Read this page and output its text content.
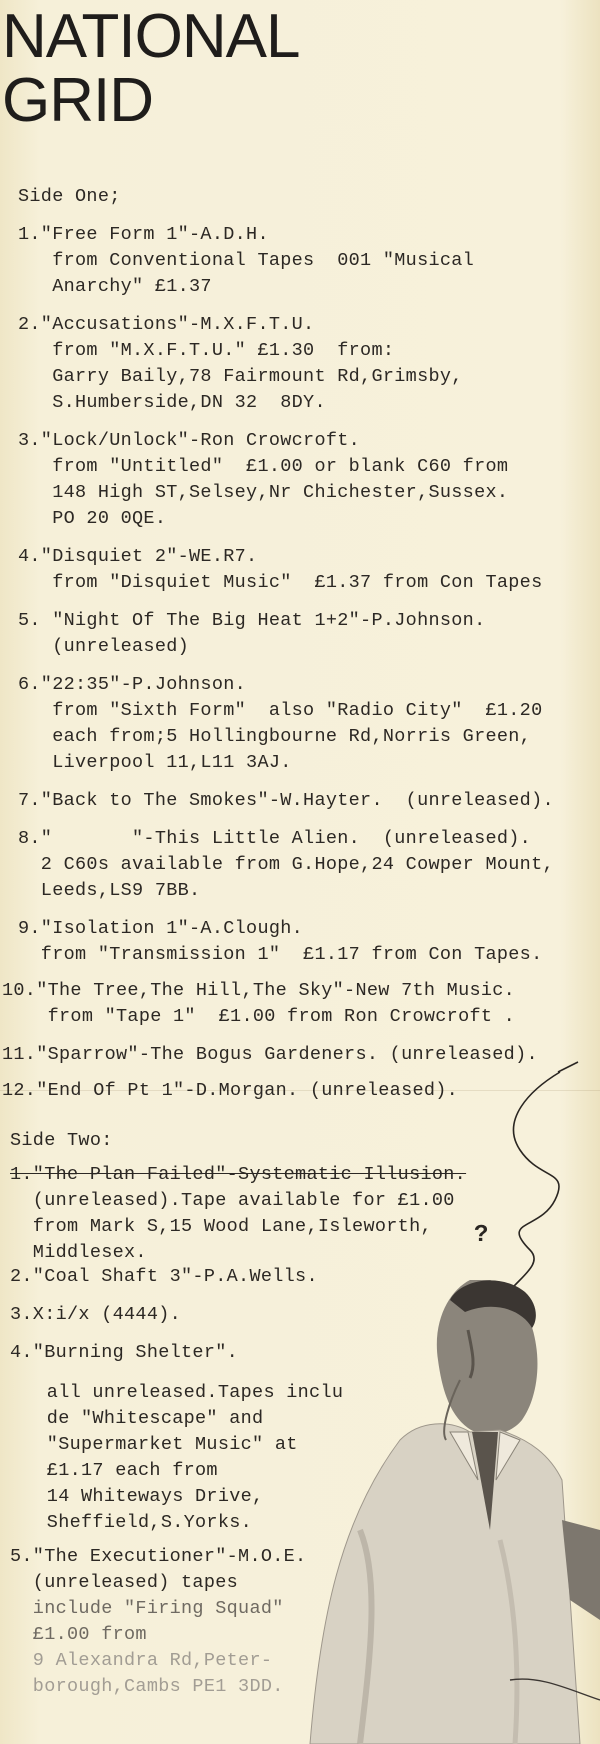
NATIONAL
GRID
Side One;
1."Free Form 1"-A.D.H.
from Conventional Tapes  001 "Musical
Anarchy" £1.37
2."Accusations"-M.X.F.T.U.
from "M.X.F.T.U." £1.30  from:
Garry Baily,78 Fairmount Rd,Grimsby,
S.Humberside,DN 32  8DY.
3."Lock/Unlock"-Ron Crowcroft.
from "Untitled"  £1.00 or blank C60 from
148 High ST,Selsey,Nr Chichester,Sussex.
PO 20 0QE.
4."Disquiet 2"-WE.R7.
from "Disquiet Music"  £1.37 from Con Tapes
5. "Night Of The Big Heat 1+2"-P.Johnson.
(unreleased)
6."22:35"-P.Johnson.
from "Sixth Form"  also "Radio City"  £1.20
each from;5 Hollingbourne Rd,Norris Green,
Liverpool 11,L11 3AJ.
7."Back to The Smokes"-W.Hayter.  (unreleased).
8."       "-This Little Alien.  (unreleased).
2 C60s available from G.Hope,24 Cowper Mount,
Leeds,LS9 7BB.
9."Isolation 1"-A.Clough.
from "Transmission 1"  £1.17 from Con Tapes.
10."The Tree,The Hill,The Sky"-New 7th Music.
from "Tape 1"  £1.00 from Ron Crowcroft .
11."Sparrow"-The Bogus Gardeners. (unreleased).
12."End Of Pt 1"-D.Morgan. (unreleased).
Side Two:
1."The Plan Failed"-Systematic Illusion.
(unreleased).Tape available for £1.00
from Mark S,15 Wood Lane,Isleworth,
Middlesex.
2."Coal Shaft 3"-P.A.Wells.
3.X:i/x (4444).
4."Burning Shelter".
all unreleased.Tapes inclu
de "Whitescape" and
"Supermarket Music" at
£1.17 each from
14 Whiteways Drive,
Sheffield,S.Yorks.
5."The Executioner"-M.O.E.
(unreleased) tapes
include "Firing Squad"
£1.00 from
9 Alexandra Rd,Peter-
borough,Cambs PE1 3DD.
?
